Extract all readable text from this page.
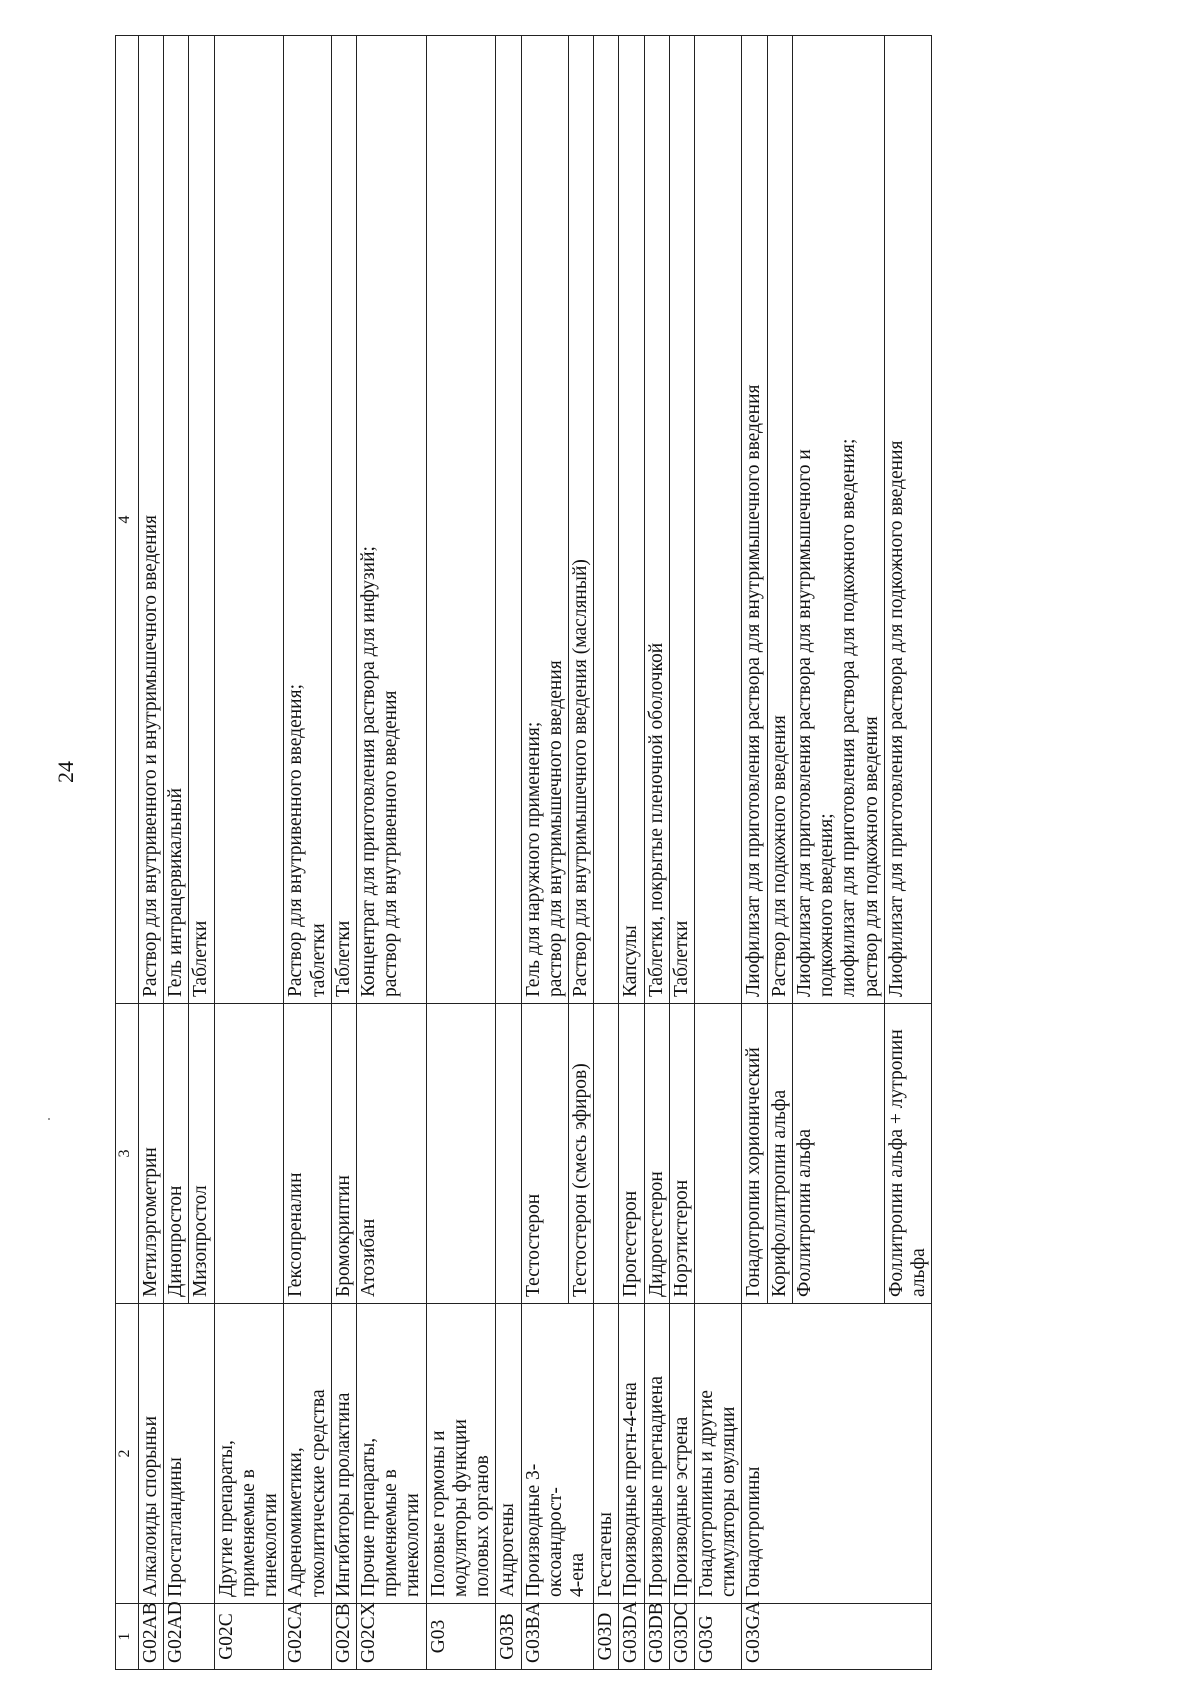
24
1	2	3	4
G02AB	Алкалоиды спорыньи	Метилэргометрин	Раствор для внутривенного и внутримышечного введения

G02AD	Простагландины	Динопростон	Гель интрацервикальный

		Мизопростол	Таблетки

G02C	Другие препараты, применяемые в гинекологии		

G02CA	Адреномиметики, токолитические средства	Гексопреналин	Раствор для внутривенного введения; таблетки

G02CB	Ингибиторы пролактина	Бромокриптин	Таблетки

G02CX	Прочие препараты, применяемые в гинекологии	Атозибан	Концентрат для приготовления раствора для инфузий; раствор для внутривенного введения

G03	Половые гормоны и модуляторы функции половых органов		

G03B	Андрогены		

G03BA	Производные 3- оксоандрост- 4-ена	Тестостерон	Гель для наружного применения; раствор для внутримышечного введения

		Тестостерон (смесь эфиров)	Раствор для внутримышечного введения (масляный)

G03D	Гестагены		

G03DA	Производные прегн-4-ена	Прогестерон	Капсулы

G03DB	Производные прегнадиена	Дидрогестерон	Таблетки, покрытые пленочной оболочкой

G03DC	Производные эстрена	Норэтистерон	Таблетки

G03G	Гонадотропины и другие стимуляторы овуляции		

G03GA	Гонадотропины	Гонадотропин хорионический	Лиофилизат для приготовления раствора для внутримышечного введения

		Корифоллитропин альфа	Раствор для подкожного введения

		Фоллитропин альфа	Лиофилизат для приготовления раствора для внутримышечного и подкожного введения; лиофилизат для приготовления раствора для подкожного введения; раствор для подкожного введения

		Фоллитропин альфа + лутропин альфа	Лиофилизат для приготовления раствора для подкожного введения
